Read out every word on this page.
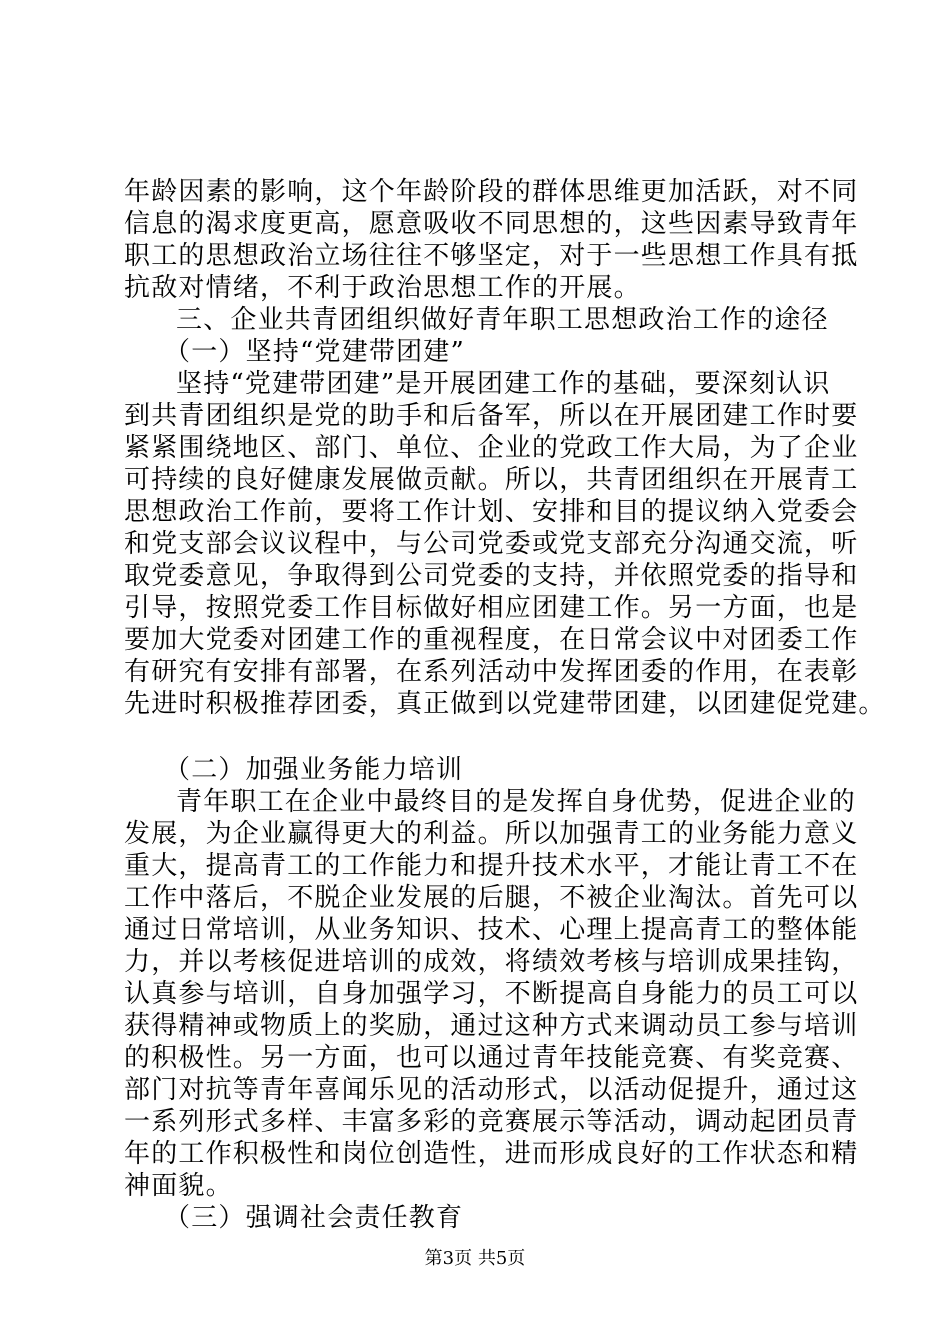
年龄因素的影响，这个年龄阶段的群体思维更加活跃，对不同
信息的渴求度更高，愿意吸收不同思想的，这些因素导致青年
职工的思想政治立场往往不够坚定，对于一些思想工作具有抵
抗敌对情绪，不利于政治思想工作的开展。
三、企业共青团组织做好青年职工思想政治工作的途径
（一）坚持“党建带团建”
坚持“党建带团建”是开展团建工作的基础，要深刻认识
到共青团组织是党的助手和后备军，所以在开展团建工作时要
紧紧围绕地区、部门、单位、企业的党政工作大局，为了企业
可持续的良好健康发展做贡献。所以，共青团组织在开展青工
思想政治工作前，要将工作计划、安排和目的提议纳入党委会
和党支部会议议程中，与公司党委或党支部充分沟通交流，听
取党委意见，争取得到公司党委的支持，并依照党委的指导和
引导，按照党委工作目标做好相应团建工作。另一方面，也是
要加大党委对团建工作的重视程度，在日常会议中对团委工作
有研究有安排有部署，在系列活动中发挥团委的作用，在表彰
先进时积极推荐团委，真正做到以党建带团建，以团建促党建。
（二）加强业务能力培训
青年职工在企业中最终目的是发挥自身优势，促进企业的
发展，为企业赢得更大的利益。所以加强青工的业务能力意义
重大，提高青工的工作能力和提升技术水平，才能让青工不在
工作中落后，不脱企业发展的后腿，不被企业淘汰。首先可以
通过日常培训，从业务知识、技术、心理上提高青工的整体能
力，并以考核促进培训的成效，将绩效考核与培训成果挂钩，
认真参与培训，自身加强学习，不断提高自身能力的员工可以
获得精神或物质上的奖励，通过这种方式来调动员工参与培训
的积极性。另一方面，也可以通过青年技能竞赛、有奖竞赛、
部门对抗等青年喜闻乐见的活动形式，以活动促提升，通过这
一系列形式多样、丰富多彩的竞赛展示等活动，调动起团员青
年的工作积极性和岗位创造性，进而形成良好的工作状态和精
神面貌。
（三）强调社会责任教育
第3页 共5页
